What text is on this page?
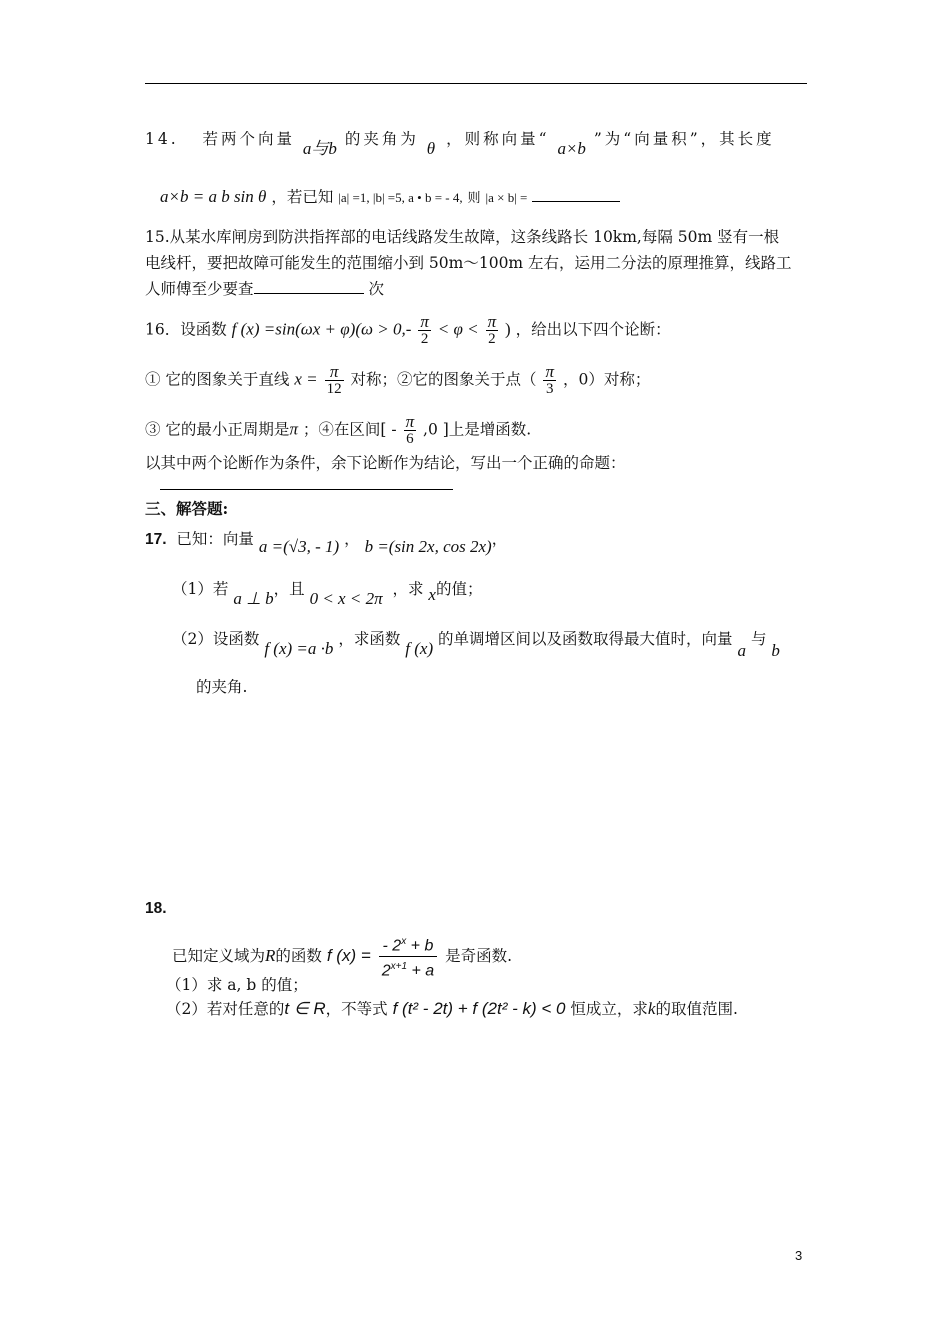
14. 若两个向量 a与b 的夹角为 θ ，则称向量“ a×b ”为“向量积”，其长度
a×b = a b sin θ ，若已知 |a| =1, |b| =5, a • b = - 4, 则 |a × b| =
15.从某水库闸房到防洪指挥部的电话线路发生故障，这条线路长 10km,每隔 50m 竖有一根
电线杆，要把故障可能发生的范围缩小到 50m～100m 左右，运用二分法的原理推算，线路工
人师傅至少要查	次
16．设函数 f $(x) =\sin(\omega x + \varphi)(\omega > 0,- \frac{\pi}{2} < \varphi < \frac{\pi}{2}$ ) ，给出以下四个论断：
① 它的图象关于直线 $x = \frac{\pi}{12}$ 对称；②它的图象关于点（ $\frac{\pi}{3}$ ，0）对称；
③ 它的最小正周期是π ；④在区间[ - $\frac{\pi}{6} ,0$ ]上是增函数.
以其中两个论断作为条件，余下论断作为结论，写出一个正确的命题：
三、解答题:
17. 已知：向量 a =(√3, - 1) ， b =(sin 2x, cos 2x)，
（1）若 a ⊥ b，且 0 < x < 2π ，求 x的值；
（2）设函数 f (x) =a ·b ，求函数 f (x) 的单调增区间以及函数取得最大值时，向量 a 与 b
的夹角.
18.
已知定义域为R的函数 f $(x) = \frac{- 2^x + b}{2^{x+1} + a}$ 是奇函数.
（1）求 a, b 的值；
（2）若对任意的t ∈ R，不等式 f (t² - 2t) + f (2t² - k) < 0 恒成立，求k的取值范围.
3
